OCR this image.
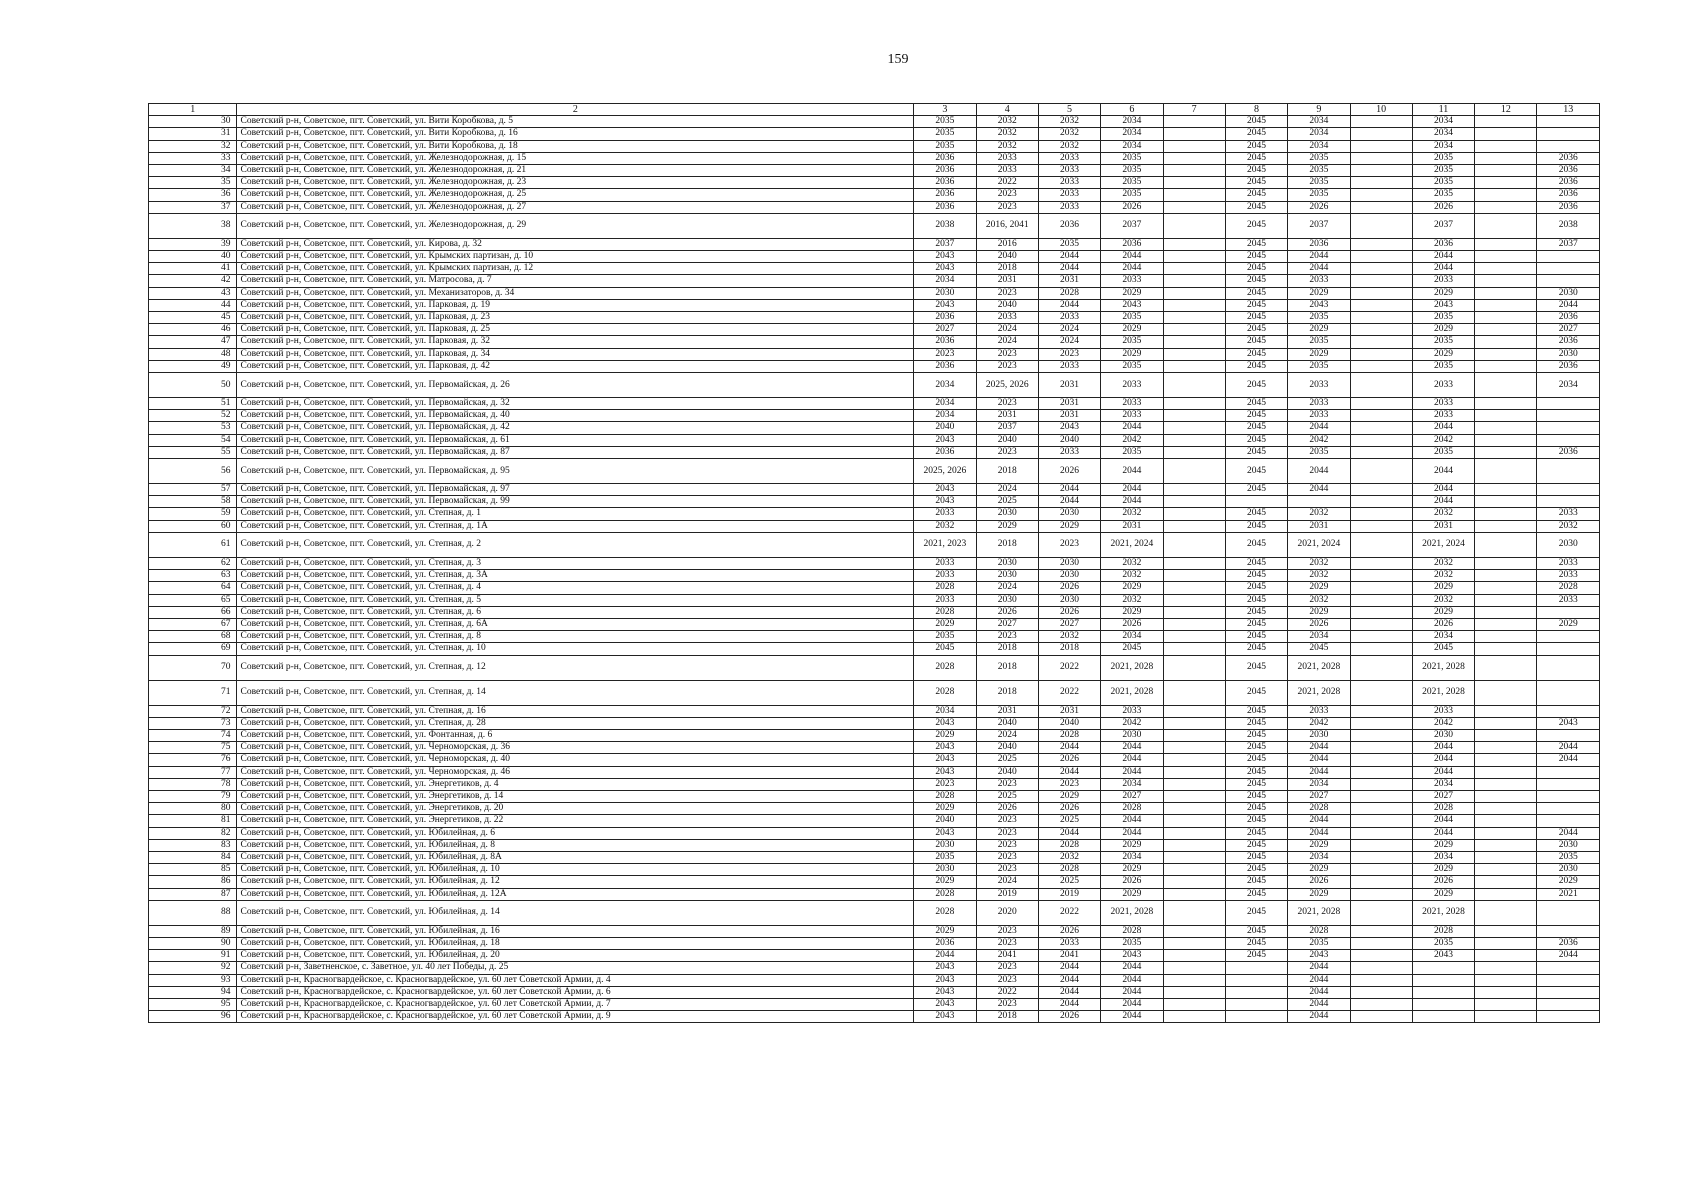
159
1	2	3	4	5	6	7	8	9	10	11	12	13
30	Советский р-н, Советское, пгт. Советский, ул. Вити Коробкова, д. 5	2035	2032	2032	2034		2045	2034		2034		
31	Советский р-н, Советское, пгт. Советский, ул. Вити Коробкова, д. 16	2035	2032	2032	2034		2045	2034		2034		
32	Советский р-н, Советское, пгт. Советский, ул. Вити Коробкова, д. 18	2035	2032	2032	2034		2045	2034		2034		
33	Советский р-н, Советское, пгт. Советский, ул. Железнодорожная, д. 15	2036	2033	2033	2035		2045	2035		2035		2036
34	Советский р-н, Советское, пгт. Советский, ул. Железнодорожная, д. 21	2036	2033	2033	2035		2045	2035		2035		2036
35	Советский р-н, Советское, пгт. Советский, ул. Железнодорожная, д. 23	2036	2022	2033	2035		2045	2035		2035		2036
36	Советский р-н, Советское, пгт. Советский, ул. Железнодорожная, д. 25	2036	2023	2033	2035		2045	2035		2035		2036
37	Советский р-н, Советское, пгт. Советский, ул. Железнодорожная, д. 27	2036	2023	2033	2026		2045	2026		2026		2036
38	Советский р-н, Советское, пгт. Советский, ул. Железнодорожная, д. 29	2038	2016, 2041	2036	2037		2045	2037		2037		2038
39	Советский р-н, Советское, пгт. Советский, ул. Кирова, д. 32	2037	2016	2035	2036		2045	2036		2036		2037
40	Советский р-н, Советское, пгт. Советский, ул. Крымских партизан, д. 10	2043	2040	2044	2044		2045	2044		2044		
41	Советский р-н, Советское, пгт. Советский, ул. Крымских партизан, д. 12	2043	2018	2044	2044		2045	2044		2044		
42	Советский р-н, Советское, пгт. Советский, ул. Матросова, д. 7	2034	2031	2031	2033		2045	2033		2033		
43	Советский р-н, Советское, пгт. Советский, ул. Механизаторов, д. 34	2030	2023	2028	2029		2045	2029		2029		2030
44	Советский р-н, Советское, пгт. Советский, ул. Парковая, д. 19	2043	2040	2044	2043		2045	2043		2043		2044
45	Советский р-н, Советское, пгт. Советский, ул. Парковая, д. 23	2036	2033	2033	2035		2045	2035		2035		2036
46	Советский р-н, Советское, пгт. Советский, ул. Парковая, д. 25	2027	2024	2024	2029		2045	2029		2029		2027
47	Советский р-н, Советское, пгт. Советский, ул. Парковая, д. 32	2036	2024	2024	2035		2045	2035		2035		2036
48	Советский р-н, Советское, пгт. Советский, ул. Парковая, д. 34	2023	2023	2023	2029		2045	2029		2029		2030
49	Советский р-н, Советское, пгт. Советский, ул. Парковая, д. 42	2036	2023	2033	2035		2045	2035		2035		2036
50	Советский р-н, Советское, пгт. Советский, ул. Первомайская, д. 26	2034	2025, 2026	2031	2033		2045	2033		2033		2034
51	Советский р-н, Советское, пгт. Советский, ул. Первомайская, д. 32	2034	2023	2031	2033		2045	2033		2033		
52	Советский р-н, Советское, пгт. Советский, ул. Первомайская, д. 40	2034	2031	2031	2033		2045	2033		2033		
53	Советский р-н, Советское, пгт. Советский, ул. Первомайская, д. 42	2040	2037	2043	2044		2045	2044		2044		
54	Советский р-н, Советское, пгт. Советский, ул. Первомайская, д. 61	2043	2040	2040	2042		2045	2042		2042		
55	Советский р-н, Советское, пгт. Советский, ул. Первомайская, д. 87	2036	2023	2033	2035		2045	2035		2035		2036
56	Советский р-н, Советское, пгт. Советский, ул. Первомайская, д. 95	2025, 2026	2018	2026	2044		2045	2044		2044		
57	Советский р-н, Советское, пгт. Советский, ул. Первомайская, д. 97	2043	2024	2044	2044		2045	2044		2044		
58	Советский р-н, Советское, пгт. Советский, ул. Первомайская, д. 99	2043	2025	2044	2044					2044		
59	Советский р-н, Советское, пгт. Советский, ул. Степная, д. 1	2033	2030	2030	2032		2045	2032		2032		2033
60	Советский р-н, Советское, пгт. Советский, ул. Степная, д. 1А	2032	2029	2029	2031		2045	2031		2031		2032
61	Советский р-н, Советское, пгт. Советский, ул. Степная, д. 2	2021, 2023	2018	2023	2021, 2024		2045	2021, 2024		2021, 2024		2030
62	Советский р-н, Советское, пгт. Советский, ул. Степная, д. 3	2033	2030	2030	2032		2045	2032		2032		2033
63	Советский р-н, Советское, пгт. Советский, ул. Степная, д. 3А	2033	2030	2030	2032		2045	2032		2032		2033
64	Советский р-н, Советское, пгт. Советский, ул. Степная, д. 4	2028	2024	2026	2029		2045	2029		2029		2028
65	Советский р-н, Советское, пгт. Советский, ул. Степная, д. 5	2033	2030	2030	2032		2045	2032		2032		2033
66	Советский р-н, Советское, пгт. Советский, ул. Степная, д. 6	2028	2026	2026	2029		2045	2029		2029		
67	Советский р-н, Советское, пгт. Советский, ул. Степная, д. 6А	2029	2027	2027	2026		2045	2026		2026		2029
68	Советский р-н, Советское, пгт. Советский, ул. Степная, д. 8	2035	2023	2032	2034		2045	2034		2034		
69	Советский р-н, Советское, пгт. Советский, ул. Степная, д. 10	2045	2018	2018	2045		2045	2045		2045		
70	Советский р-н, Советское, пгт. Советский, ул. Степная, д. 12	2028	2018	2022	2021, 2028		2045	2021, 2028		2021, 2028		
71	Советский р-н, Советское, пгт. Советский, ул. Степная, д. 14	2028	2018	2022	2021, 2028		2045	2021, 2028		2021, 2028		
72	Советский р-н, Советское, пгт. Советский, ул. Степная, д. 16	2034	2031	2031	2033		2045	2033		2033		
73	Советский р-н, Советское, пгт. Советский, ул. Степная, д. 28	2043	2040	2040	2042		2045	2042		2042		2043
74	Советский р-н, Советское, пгт. Советский, ул. Фонтанная, д. 6	2029	2024	2028	2030		2045	2030		2030		
75	Советский р-н, Советское, пгт. Советский, ул. Черноморская, д. 36	2043	2040	2044	2044		2045	2044		2044		2044
76	Советский р-н, Советское, пгт. Советский, ул. Черноморская, д. 40	2043	2025	2026	2044		2045	2044		2044		2044
77	Советский р-н, Советское, пгт. Советский, ул. Черноморская, д. 46	2043	2040	2044	2044		2045	2044		2044		
78	Советский р-н, Советское, пгт. Советский, ул. Энергетиков, д. 4	2023	2023	2023	2034		2045	2034		2034		
79	Советский р-н, Советское, пгт. Советский, ул. Энергетиков, д. 14	2028	2025	2029	2027		2045	2027		2027		
80	Советский р-н, Советское, пгт. Советский, ул. Энергетиков, д. 20	2029	2026	2026	2028		2045	2028		2028		
81	Советский р-н, Советское, пгт. Советский, ул. Энергетиков, д. 22	2040	2023	2025	2044		2045	2044		2044		
82	Советский р-н, Советское, пгт. Советский, ул. Юбилейная, д. 6	2043	2023	2044	2044		2045	2044		2044		2044
83	Советский р-н, Советское, пгт. Советский, ул. Юбилейная, д. 8	2030	2023	2028	2029		2045	2029		2029		2030
84	Советский р-н, Советское, пгт. Советский, ул. Юбилейная, д. 8А	2035	2023	2032	2034		2045	2034		2034		2035
85	Советский р-н, Советское, пгт. Советский, ул. Юбилейная, д. 10	2030	2023	2028	2029		2045	2029		2029		2030
86	Советский р-н, Советское, пгт. Советский, ул. Юбилейная, д. 12	2029	2024	2025	2026		2045	2026		2026		2029
87	Советский р-н, Советское, пгт. Советский, ул. Юбилейная, д. 12А	2028	2019	2019	2029		2045	2029		2029		2021
88	Советский р-н, Советское, пгт. Советский, ул. Юбилейная, д. 14	2028	2020	2022	2021, 2028		2045	2021, 2028		2021, 2028		
89	Советский р-н, Советское, пгт. Советский, ул. Юбилейная, д. 16	2029	2023	2026	2028		2045	2028		2028		
90	Советский р-н, Советское, пгт. Советский, ул. Юбилейная, д. 18	2036	2023	2033	2035		2045	2035		2035		2036
91	Советский р-н, Советское, пгт. Советский, ул. Юбилейная, д. 20	2044	2041	2041	2043		2045	2043		2043		2044
92	Советский р-н, Заветненское, с. Заветное, ул. 40 лет Победы, д. 25	2043	2023	2044	2044			2044				
93	Советский р-н, Красногвардейское, с. Красногвардейское, ул. 60 лет Советской Армии, д. 4	2043	2023	2044	2044			2044				
94	Советский р-н, Красногвардейское, с. Красногвардейское, ул. 60 лет Советской Армии, д. 6	2043	2022	2044	2044			2044				
95	Советский р-н, Красногвардейское, с. Красногвардейское, ул. 60 лет Советской Армии, д. 7	2043	2023	2044	2044			2044				
96	Советский р-н, Красногвардейское, с. Красногвардейское, ул. 60 лет Советской Армии, д. 9	2043	2018	2026	2044			2044				
